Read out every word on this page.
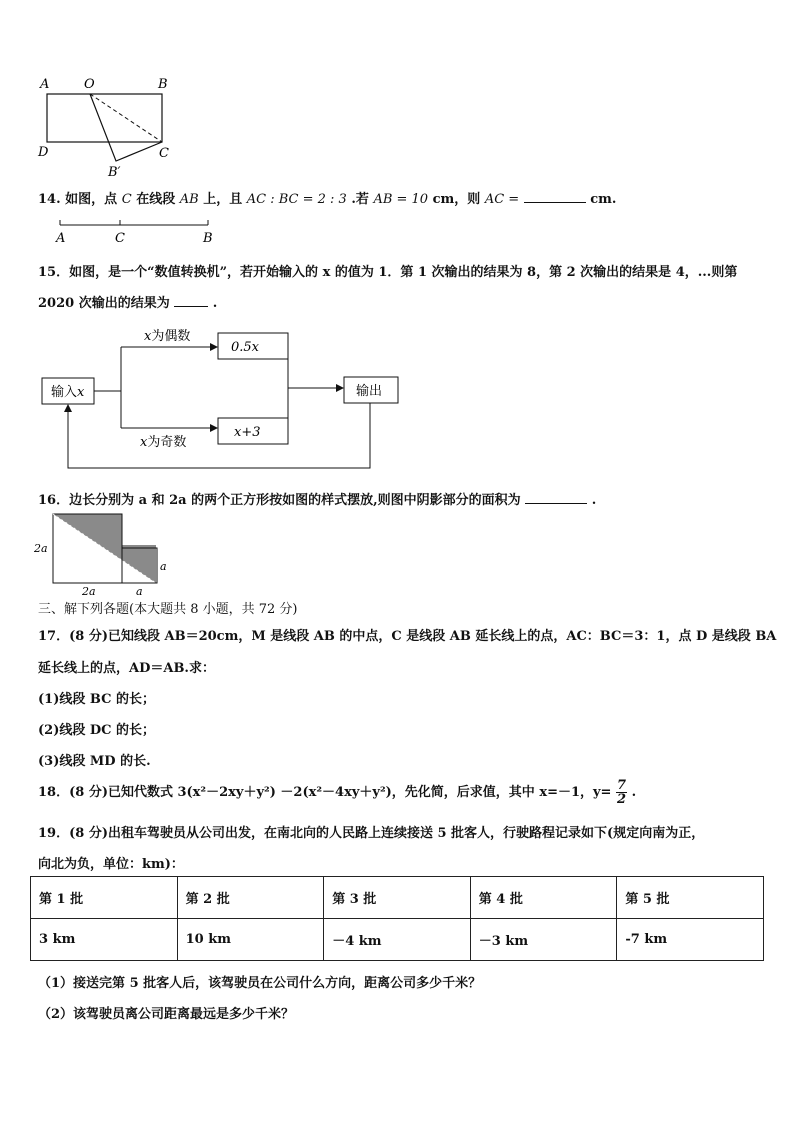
A	O	B
D	C
B′
14. 如图，点 C 在线段 AB 上，且 AC : BC = 2 : 3 .若 AB = 10 cm，则 AC =	cm.
A	C	B
15．如图，是一个“数值转换机”，若开始输入的 x 的值为 1．第 1 次输出的结果为 8，第 2 次输出的结果是 4，...则第
2020 次输出的结果为	.
输入x
x为偶数
x为奇数
0.5x
x+3
输出
16．边长分别为 a 和 2a 的两个正方形按如图的样式摆放,则图中阴影部分的面积为	.
2a
2a	a
a
三、解下列各题(本大题共 8 小题，共 72 分)
17．(8 分)已知线段 AB＝20cm，M 是线段 AB 的中点，C 是线段 AB 延长线上的点，AC：BC＝3：1，点 D 是线段 BA
延长线上的点，AD＝AB.求：
(1)线段 BC 的长；
(2)线段 DC 的长；
(3)线段 MD 的长.
18．(8 分)已知代数式 3(x²－2xy＋y²) －2(x²－4xy＋y²)，先化简，后求值，其中 x=－1，$y= \frac{7}{2}$ .
19．(8 分)出租车驾驶员从公司出发，在南北向的人民路上连续接送 5 批客人，行驶路程记录如下(规定向南为正，
向北为负，单位：km)：
第 1 批	第 2 批	第 3 批	第 4 批	第 5 批
3 km	10 km	－4 km	－3 km	-7 km
（1）接送完第 5 批客人后，该驾驶员在公司什么方向，距离公司多少千米？
（2）该驾驶员离公司距离最远是多少千米？
